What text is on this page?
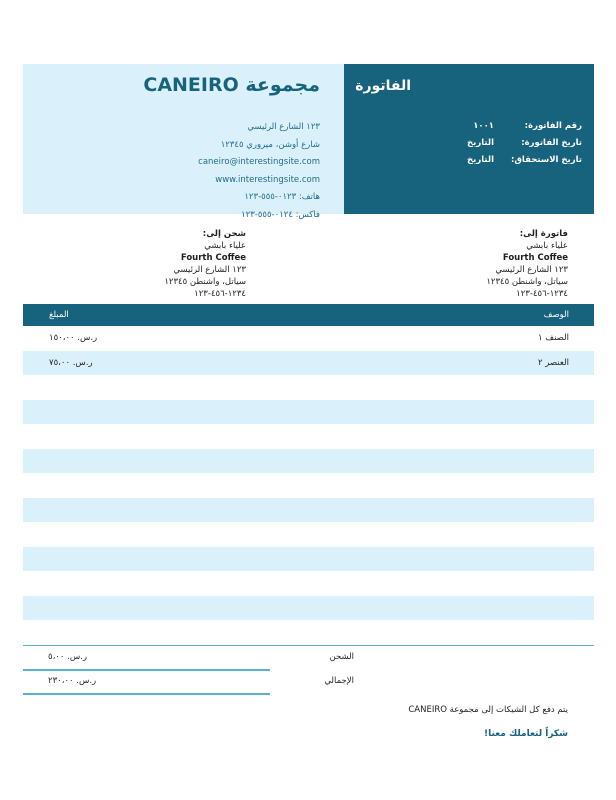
مجموعة CANEIRO
١٢٣ الشارع الرئيسي
شارع أوشن، ميروري ١٢٣٤٥
caneiro@interestingsite.com
www.interestingsite.com
هاتف: ٠١٢٣-٥٥٥-١٢٣
فاكس: ٠١٢٤-٥٥٥-١٢٣
الفاتورة
رقم الفاتورة:
١٠٠١
تاريخ الفاتورة:
التاريخ
تاريخ الاستحقاق:
التاريخ
فاتورة إلى:
علياء بابشي
Fourth Coffee
١٢٣ الشارع الرئيسي
سياتل، واشنطن ١٢٣٤٥
١٢٣٤-٤٥٦-١٢٣
شحن إلى:
علياء بابشي
Fourth Coffee
١٢٣ الشارع الرئيسي
سياتل، واشنطن ١٢٣٤٥
١٢٣٤-٤٥٦-١٢٣
الوصف
المبلغ
الصنف ١
ر.س. ١٥٠،٠٠
العنصر ٢
ر.س. ٧٥،٠٠
ر.س. ٥،٠٠	الشحن
ر.س. ٢٣٠،٠٠	الإجمالي
يتم دفع كل الشيكات إلى مجموعة CANEIRO
شكراً لتعاملك معنا!
